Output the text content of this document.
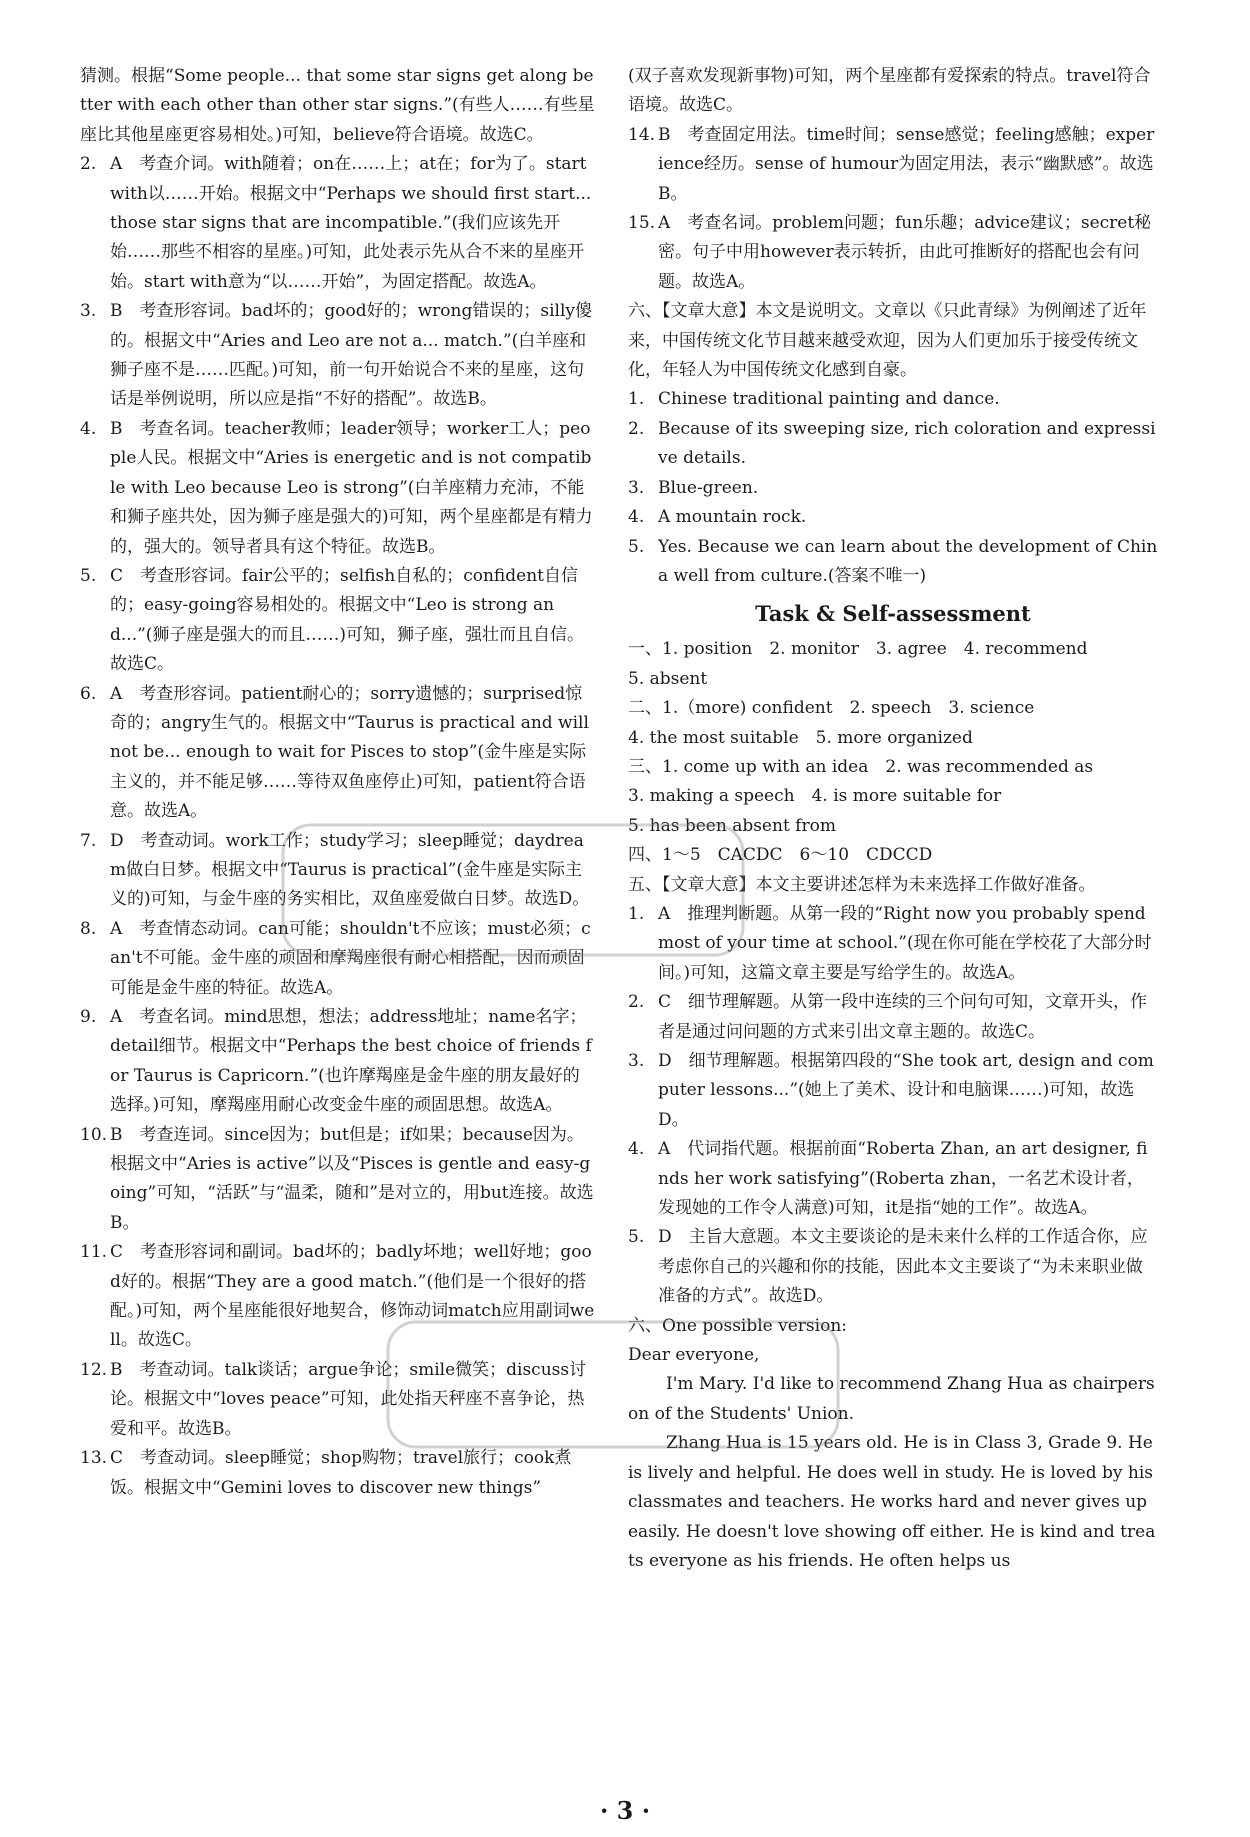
猜测。根据“Some people... that some star signs get along better with each other than other star signs.”(有些人……有些星座比其他星座更容易相处。)可知，believe符合语境。故选C。

2. A　考查介词。with随着；on在……上；at在；for为了。start with以……开始。根据文中“Perhaps we should first start... those star signs that are incompatible.”(我们应该先开始……那些不相容的星座。)可知，此处表示先从合不来的星座开始。start with意为“以……开始”，为固定搭配。故选A。
3. B　考查形容词。bad坏的；good好的；wrong错误的；silly傻的。根据文中“Aries and Leo are not a... match.”(白羊座和狮子座不是……匹配。)可知，前一句开始说合不来的星座，这句话是举例说明，所以应是指“不好的搭配”。故选B。
4. B　考查名词。teacher教师；leader领导；worker工人；people人民。根据文中“Aries is energetic and is not compatible with Leo because Leo is strong”(白羊座精力充沛，不能和狮子座共处，因为狮子座是强大的)可知，两个星座都是有精力的，强大的。领导者具有这个特征。故选B。
5. C　考查形容词。fair公平的；selfish自私的；confident自信的；easy-going容易相处的。根据文中“Leo is strong and...”(狮子座是强大的而且……)可知，狮子座，强壮而且自信。故选C。
6. A　考查形容词。patient耐心的；sorry遗憾的；surprised惊奇的；angry生气的。根据文中“Taurus is practical and will not be... enough to wait for Pisces to stop”(金牛座是实际主义的，并不能足够……等待双鱼座停止)可知，patient符合语意。故选A。
7. D　考查动词。work工作；study学习；sleep睡觉；daydream做白日梦。根据文中“Taurus is practical”(金牛座是实际主义的)可知，与金牛座的务实相比，双鱼座爱做白日梦。故选D。
8. A　考查情态动词。can可能；shouldn't不应该；must必须；can't不可能。金牛座的顽固和摩羯座很有耐心相搭配，因而顽固可能是金牛座的特征。故选A。
9. A　考查名词。mind思想，想法；address地址；name名字；detail细节。根据文中“Perhaps the best choice of friends for Taurus is Capricorn.”(也许摩羯座是金牛座的朋友最好的选择。)可知，摩羯座用耐心改变金牛座的顽固思想。故选A。
10. B　考查连词。since因为；but但是；if如果；because因为。根据文中“Aries is active”以及“Pisces is gentle and easy-going”可知，“活跃”与“温柔，随和”是对立的，用but连接。故选B。
11. C　考查形容词和副词。bad坏的；badly坏地；well好地；good好的。根据“They are a good match.”(他们是一个很好的搭配。)可知，两个星座能很好地契合，修饰动词match应用副词well。故选C。
12. B　考查动词。talk谈话；argue争论；smile微笑；discuss讨论。根据文中“loves peace”可知，此处指天秤座不喜争论，热爱和平。故选B。
13. C　考查动词。sleep睡觉；shop购物；travel旅行；cook煮饭。根据文中“Gemini loves to discover new things”

(双子喜欢发现新事物)可知，两个星座都有爱探索的特点。travel符合语境。故选C。

14. B　考查固定用法。time时间；sense感觉；feeling感触；experience经历。sense of humour为固定用法，表示“幽默感”。故选B。
15. A　考查名词。problem问题；fun乐趣；advice建议；secret秘密。句子中用however表示转折，由此可推断好的搭配也会有问题。故选A。

六、【文章大意】本文是说明文。文章以《只此青绿》为例阐述了近年来，中国传统文化节目越来越受欢迎，因为人们更加乐于接受传统文化，年轻人为中国传统文化感到自豪。

1. Chinese traditional painting and dance.
2. Because of its sweeping size, rich coloration and expressive details.
3. Blue-green.
4. A mountain rock.
5. Yes. Because we can learn about the development of China well from culture.(答案不唯一)
Task & Self-assessment

一、1. position　2. monitor　3. agree　4. recommend

5. absent

二、1.（more) confident　2. speech　3. science

4. the most suitable　5. more organized

三、1. come up with an idea　2. was recommended as

3. making a speech　4. is more suitable for

5. has been absent from

四、1～5　CACDC　6～10　CDCCD

五、【文章大意】本文主要讲述怎样为未来选择工作做好准备。

1. A　推理判断题。从第一段的“Right now you probably spend most of your time at school.”(现在你可能在学校花了大部分时间。)可知，这篇文章主要是写给学生的。故选A。
2. C　细节理解题。从第一段中连续的三个问句可知，文章开头，作者是通过问问题的方式来引出文章主题的。故选C。
3. D　细节理解题。根据第四段的“She took art, design and computer lessons...”(她上了美术、设计和电脑课……)可知，故选D。
4. A　代词指代题。根据前面“Roberta Zhan, an art designer, finds her work satisfying”(Roberta zhan，一名艺术设计者，发现她的工作令人满意)可知，it是指“她的工作”。故选A。
5. D　主旨大意题。本文主要谈论的是未来什么样的工作适合你，应考虑你自己的兴趣和你的技能，因此本文主要谈了“为未来职业做准备的方式”。故选D。

六、One possible version:

Dear everyone,

I'm Mary. I'd like to recommend Zhang Hua as chairperson of the Students' Union.

Zhang Hua is 15 years old. He is in Class 3, Grade 9. He is lively and helpful. He does well in study. He is loved by his classmates and teachers. He works hard and never gives up easily. He doesn't love showing off either. He is kind and treats everyone as his friends. He often helps us

· 3 ·
